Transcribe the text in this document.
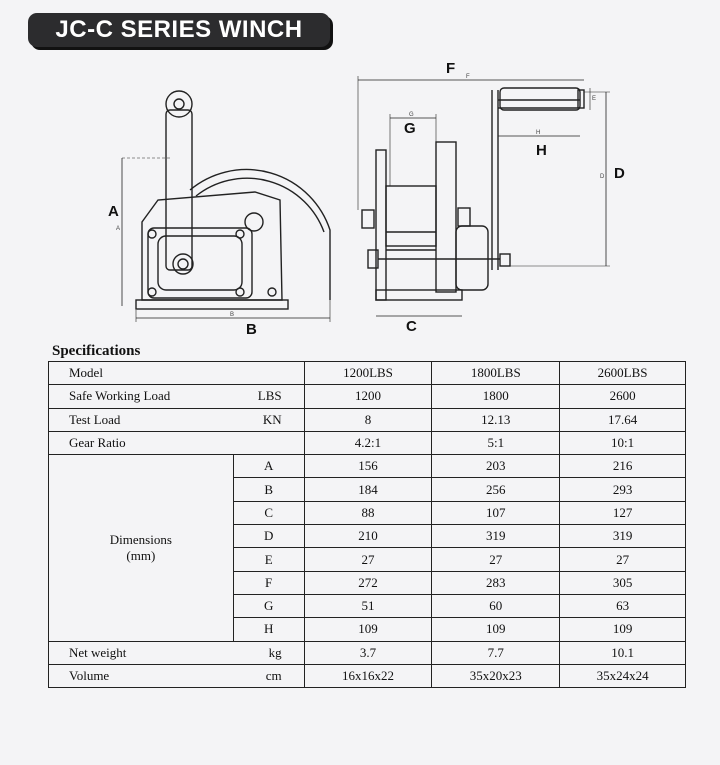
JC-C SERIES WINCH
A
B	C
D
F
G
H
A
B
D
F
G
H
E
Specifications
Model		1200LBS	1800LBS	2600LBS

Safe Working Load LBS		1200	1800	2600

Test Load KN		8	12.13	17.64
Gear Ratio		4.2:1	5:1	10:1

Dimensions
(mm)	A	156	203	216
	B	184	256	293
	C	88	107	127
	D	210	319	319
	E	27	27	27
	F	272	283	305
	G	51	60	63
	H	109	109	109

Net weight kg		3.7	7.7	10.1

Volume cm		16x16x22	35x20x23	35x24x24
